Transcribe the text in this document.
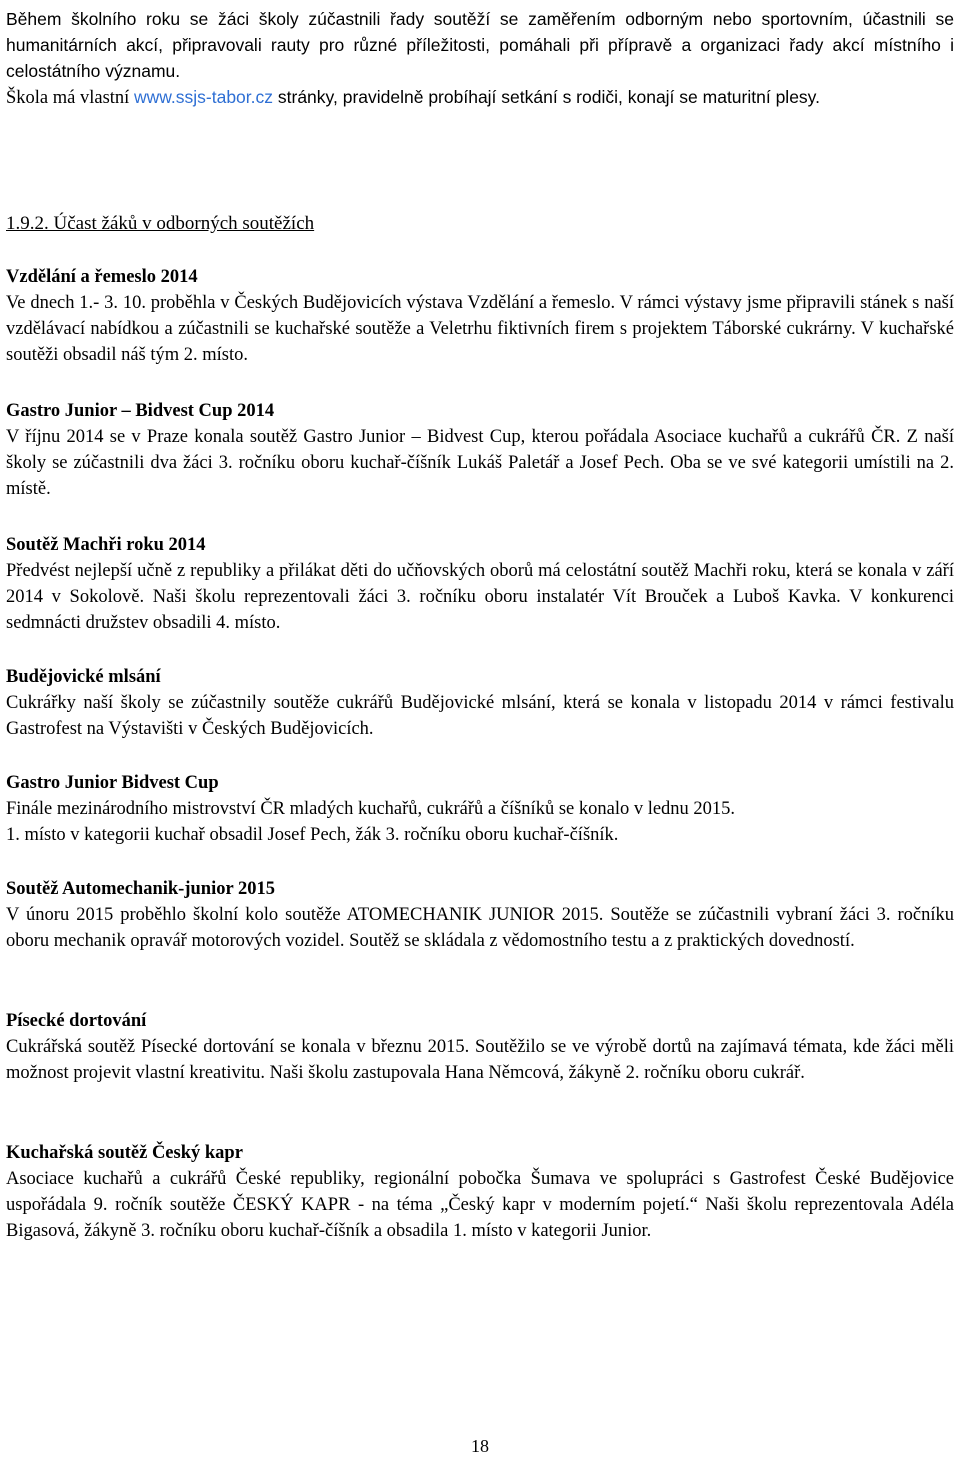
Během školního roku se žáci školy zúčastnili řady soutěží se zaměřením odborným nebo sportovním, účastnili se humanitárních akcí, připravovali rauty pro různé příležitosti, pomáhali při přípravě a organizaci řady akcí místního i celostátního významu.

Škola má vlastní www.ssjs-tabor.cz stránky, pravidelně probíhají setkání s rodiči, konají se maturitní plesy.

1.9.2. Účast žáků v odborných soutěžích

Vzdělání a řemeslo 2014

Ve dnech 1.- 3. 10. proběhla v Českých Budějovicích výstava Vzdělání a řemeslo. V rámci výstavy jsme připravili stánek s naší vzdělávací nabídkou a zúčastnili se kuchařské soutěže a Veletrhu fiktivních firem s projektem Táborské cukrárny. V kuchařské soutěži obsadil náš tým 2. místo.

Gastro Junior – Bidvest Cup 2014

V říjnu 2014 se v Praze konala soutěž Gastro Junior – Bidvest Cup, kterou pořádala Asociace kuchařů a cukrářů ČR. Z naší školy se zúčastnili dva žáci 3. ročníku oboru kuchař-číšník Lukáš Paletář a Josef Pech. Oba se ve své kategorii umístili na 2. místě.

Soutěž Machři roku 2014

Předvést nejlepší učně z republiky a přilákat děti do učňovských oborů má celostátní soutěž Machři roku, která se konala v září 2014 v Sokolově. Naši školu reprezentovali žáci 3. ročníku oboru instalatér Vít Brouček a Luboš Kavka. V konkurenci sedmnácti družstev obsadili 4. místo.

Budějovické mlsání

Cukrářky naší školy se zúčastnily soutěže cukrářů Budějovické mlsání, která se konala v listopadu 2014 v rámci festivalu Gastrofest na Výstavišti v Českých Budějovicích.

Gastro Junior Bidvest Cup

Finále mezinárodního mistrovství ČR mladých kuchařů, cukrářů a číšníků se konalo v lednu 2015.

1. místo v kategorii kuchař obsadil Josef Pech, žák 3. ročníku oboru kuchař-číšník.

Soutěž Automechanik-junior 2015

V únoru 2015 proběhlo školní kolo soutěže ATOMECHANIK JUNIOR 2015. Soutěže se zúčastnili vybraní žáci 3. ročníku oboru mechanik opravář motorových vozidel. Soutěž se skládala z vědomostního testu a z praktických dovedností.

Písecké dortování

Cukrářská soutěž Písecké dortování se konala v březnu 2015. Soutěžilo se ve výrobě dortů na zajímavá témata, kde žáci měli možnost projevit vlastní kreativitu. Naši školu zastupovala Hana Němcová, žákyně 2. ročníku oboru cukrář.

Kuchařská soutěž Český kapr

Asociace kuchařů a cukrářů České republiky, regionální pobočka Šumava ve spolupráci s Gastrofest České Budějovice uspořádala 9. ročník soutěže ČESKÝ KAPR - na téma „Český kapr v moderním pojetí.“ Naši školu reprezentovala Adéla Bigasová, žákyně 3. ročníku oboru kuchař-číšník a obsadila 1. místo v kategorii Junior.

18
